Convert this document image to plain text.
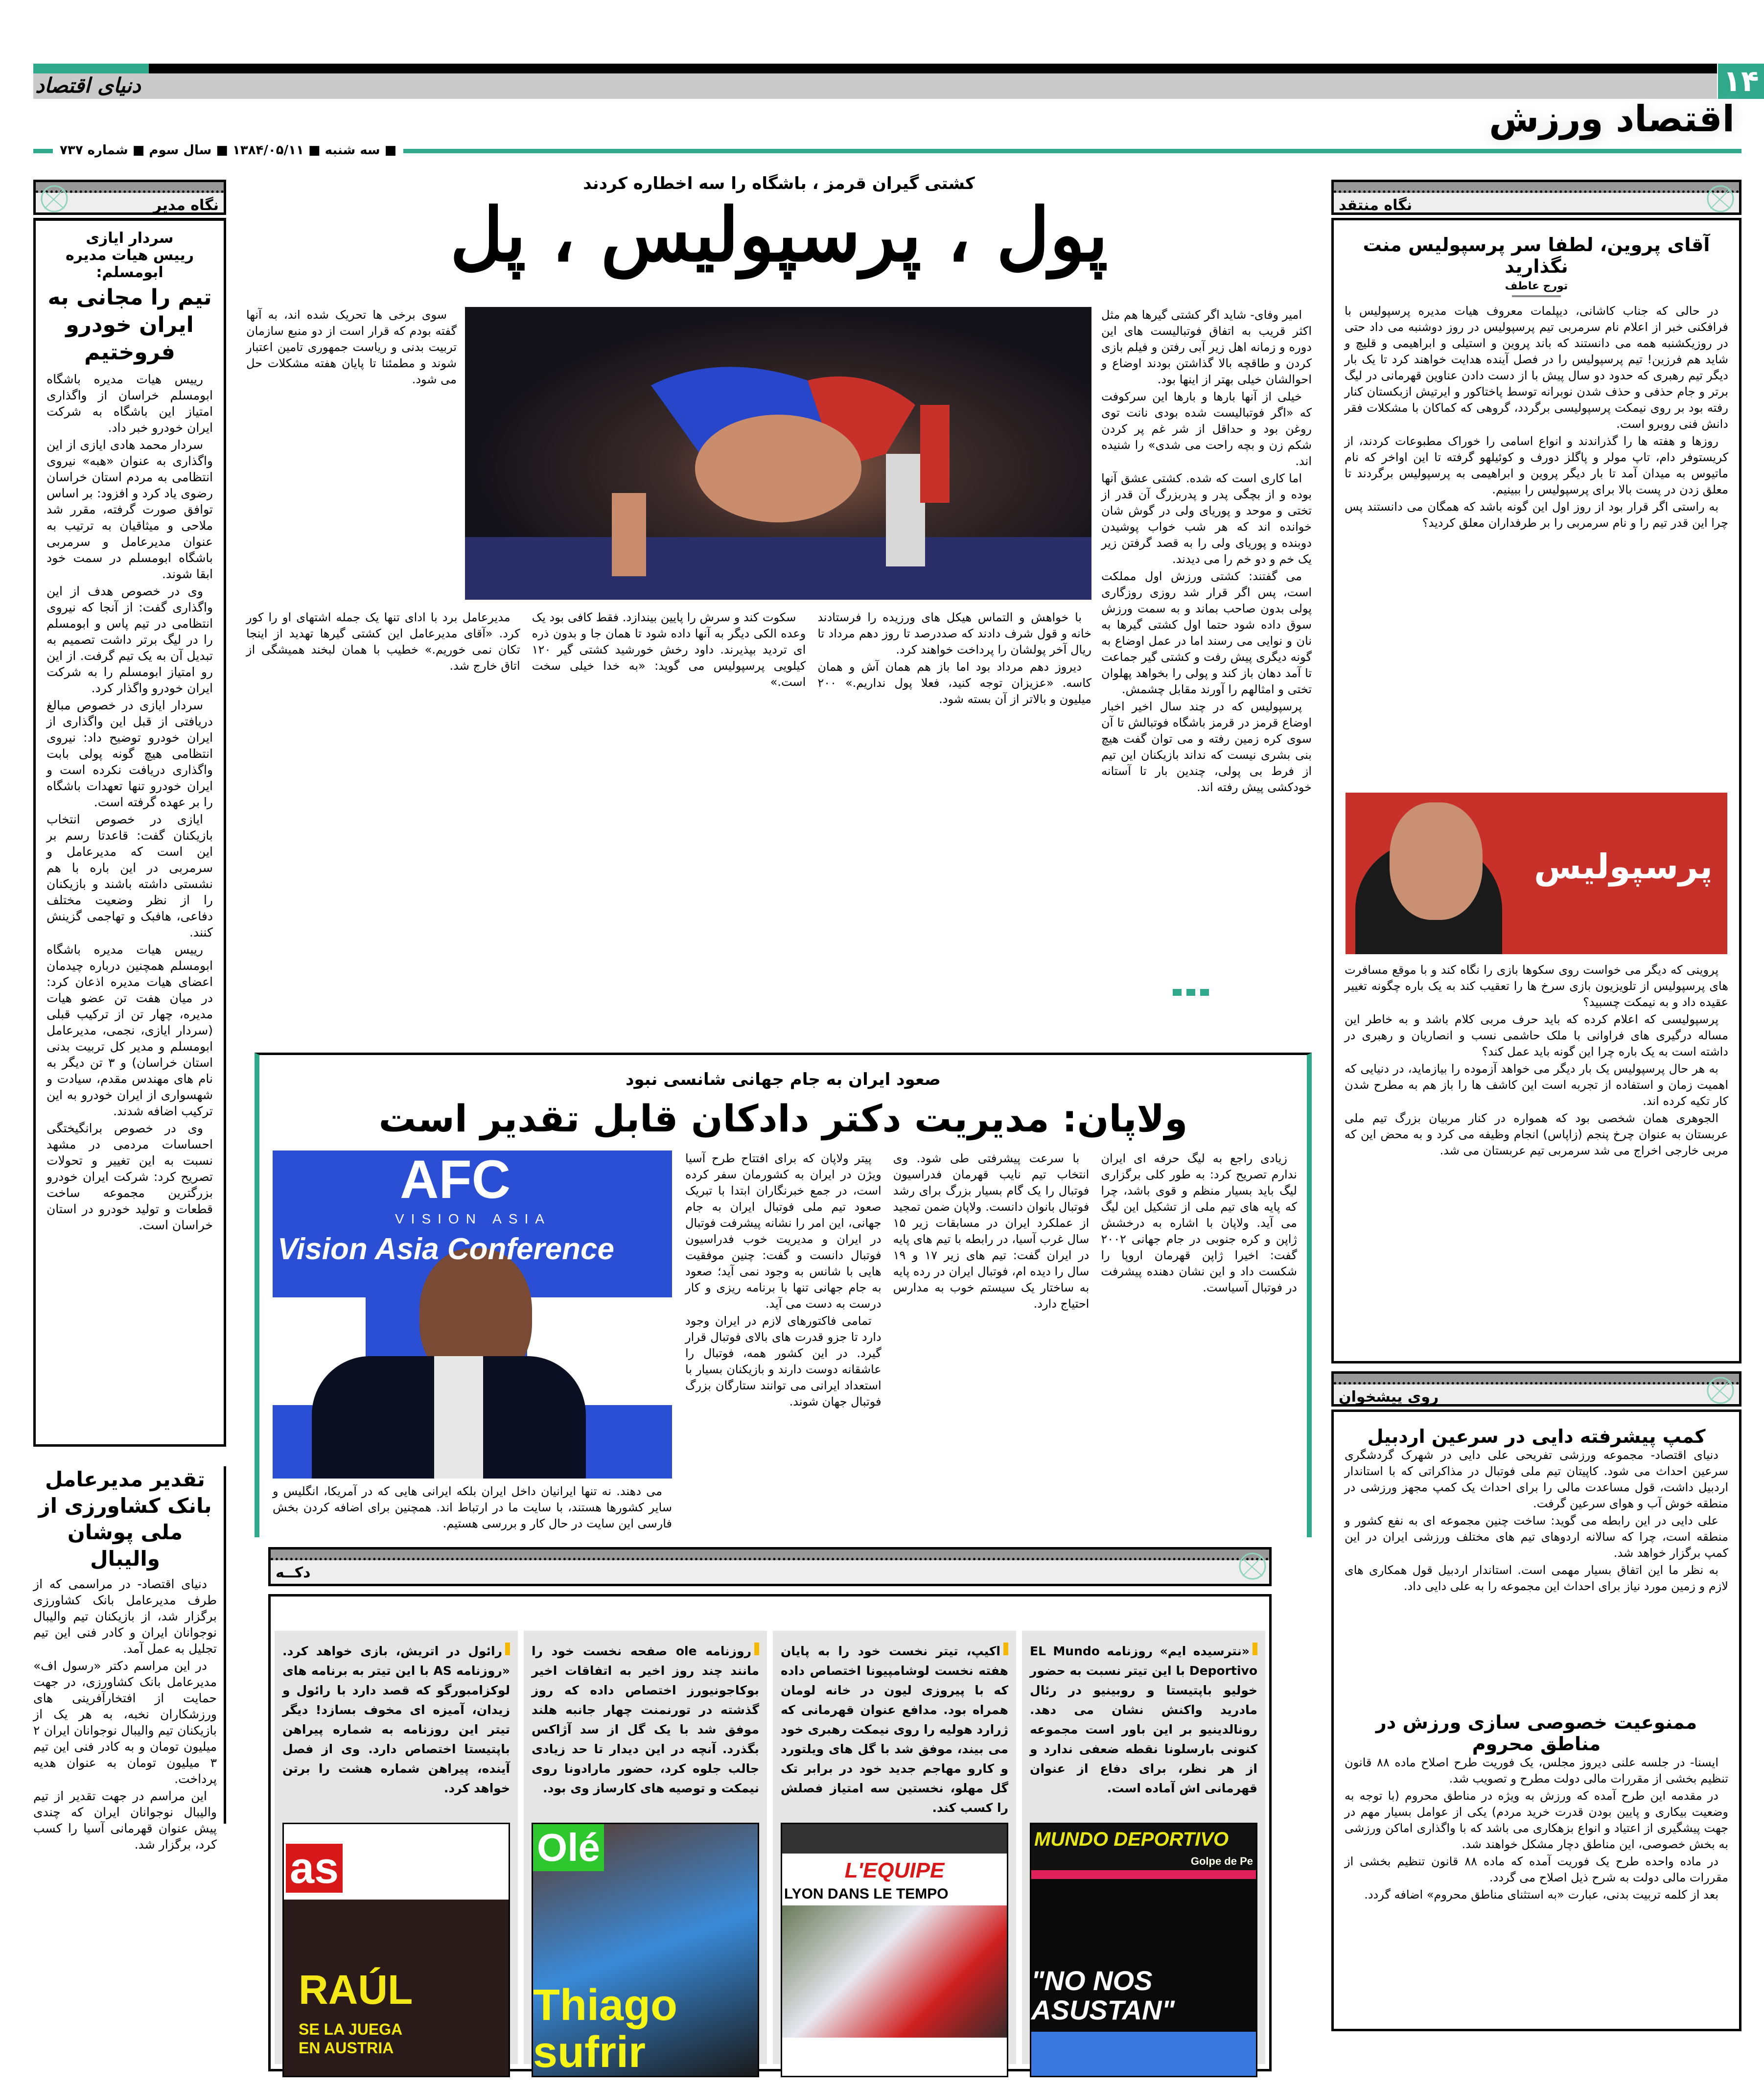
۱۴
دنیای اقتصاد
اقتصاد ورزش
■ سه شنبه ■ ۱۳۸۴/۰۵/۱۱ ■ سال سوم ■ شماره ۷۳۷
نگاه مدیر
سردار ایازی
رییس هیات مدیره ابومسلم:
تیم را مجانی به ایران خودرو فروختیم

رییس هیات مدیره باشگاه ابومسلم خراسان از واگذاری امتیاز این باشگاه به شرکت ایران خودرو خبر داد.

سردار محمد هادی ایازی از این واگذاری به عنوان «هبه» نیروی انتظامی به مردم استان خراسان رضوی یاد کرد و افزود: بر اساس توافق صورت گرفته، مقرر شد ملاحی و میثاقیان به ترتیب به عنوان مدیرعامل و سرمربی باشگاه ابومسلم در سمت خود ابقا شوند.

وی در خصوص هدف از این واگذاری گفت: از آنجا که نیروی انتظامی در تیم پاس و ابومسلم را در لیگ برتر داشت تصمیم به تبدیل آن به یک تیم گرفت. از این رو امتیاز ابومسلم را به شرکت ایران خودرو واگذار کرد.

سردار ایازی در خصوص مبالغ دریافتی از قبل این واگذاری از ایران خودرو توضیح داد: نیروی انتظامی هیچ گونه پولی بابت واگذاری دریافت نکرده است و ایران خودرو تنها تعهدات باشگاه را بر عهده گرفته است.

ایازی در خصوص انتخاب بازیکنان گفت: قاعدتا رسم بر این است که مدیرعامل و سرمربی در این باره با هم نشستی داشته باشند و بازیکنان را از نظر وضعیت مختلف دفاعی، هافبک و تهاجمی گزینش کنند.

رییس هیات مدیره باشگاه ابومسلم همچنین درباره چیدمان اعضای هیات مدیره اذعان کرد: در میان هفت تن عضو هیات مدیره، چهار تن از ترکیب قبلی (سردار ایازی، نجمی، مدیرعامل ابومسلم و مدیر کل تربیت بدنی استان خراسان) و ۳ تن دیگر به نام های مهندس مقدم، سیادت و شهسواری از ایران خودرو به این ترکیب اضافه شدند.

وی در خصوص برانگیختگی احساسات مردمی در مشهد نسبت به این تغییر و تحولات تصریح کرد: شرکت ایران خودرو بزرگترین مجموعه ساخت قطعات و تولید خودرو در استان خراسان است.

تقدیر مدیرعامل بانک کشاورزی از ملی پوشان والیبال

دنیای اقتصاد- در مراسمی که از طرف مدیرعامل بانک کشاورزی برگزار شد، از بازیکنان تیم والیبال نوجوانان ایران و کادر فنی این تیم تجلیل به عمل آمد.

در این مراسم دکتر «رسول اف» مدیرعامل بانک کشاورزی، در جهت حمایت از افتخارآفرینی های ورزشکاران نخبه، به هر یک از بازیکنان تیم والیبال نوجوانان ایران ۲ میلیون تومان و به کادر فنی این تیم ۳ میلیون تومان به عنوان هدیه پرداخت.

این مراسم در جهت تقدیر از تیم والیبال نوجوانان ایران که چندی پیش عنوان قهرمانی آسیا را کسب کرد، برگزار شد.

کشتی گیران قرمز ، باشگاه را سه اخطاره کردند
پول ، پرسپولیس ، پل

امیر وفای- شاید اگر کشتی گیرها هم مثل اکثر قریب به اتفاق فوتبالیست های این دوره و زمانه اهل زیر آبی رفتن و فیلم بازی کردن و طاقچه بالا گذاشتن بودند اوضاع و احوالشان خیلی بهتر از اینها بود.

خیلی از آنها بارها و بارها این سرکوفت که «اگر فوتبالیست شده بودی نانت توی روغن بود و حداقل از شر غم پر کردن شکم زن و بچه راحت می شدی» را شنیده اند.

اما کاری است که شده. کشتی عشق آنها بوده و از بچگی پدر و پدربزرگ آن قدر از تختی و موحد و پوریای ولی در گوش شان خوانده اند که هر شب خواب پوشیدن دوبنده و پوریای ولی را به قصد گرفتن زیر یک خم و دو خم را می دیدند.

می گفتند: کشتی ورزش اول مملکت است، پس اگر قرار شد روزی روزگاری پولی بدون صاحب بماند و به سمت ورزش سوق داده شود حتما اول کشتی گیرها به نان و نوایی می رسند اما در عمل اوضاع به گونه دیگری پیش رفت و کشتی گیر جماعت تا آمد دهان باز کند و پولی را بخواهد پهلوان تختی و امثالهم را آورند مقابل چشمش.

پرسپولیس که در چند سال اخیر اخبار اوضاع قرمز در قرمز باشگاه فوتبالش تا آن سوی کره زمین رفته و می توان گفت هیچ بنی بشری نیست که نداند بازیکنان این تیم از فرط بی پولی، چندین بار تا آستانه خودکشی پیش رفته اند.

سوی برخی ها تحریک شده اند، به آنها گفته بودم که قرار است از دو منبع سازمان تربیت بدنی و ریاست جمهوری تامین اعتبار شوند و مطمئنا تا پایان هفته مشکلات حل می شود.

با خواهش و التماس هیکل های ورزیده را فرستادند خانه و قول شرف دادند که صددرصد تا روز دهم مرداد تا ریال آخر پولشان را پرداخت خواهند کرد.

دیروز دهم مرداد بود اما باز هم همان آش و همان کاسه. «عزیزان توجه کنید، فعلا پول نداریم.» ۲۰۰ میلیون و بالاتر از آن بسته شود.

سکوت کند و سرش را پایین بیندازد. فقط کافی بود یک وعده الکی دیگر به آنها داده شود تا همان جا و بدون ذره ای تردید بپذیرند. داود رخش خورشید کشتی گیر ۱۲۰ کیلویی پرسپولیس می گوید: «به خدا خیلی سخت است.»

مدیرعامل برد با ادای تنها یک جمله اشتهای او را کور کرد. «آقای مدیرعامل این کشتی گیرها تهدید از اینجا تکان نمی خوریم.» خطیب با همان لبخند همیشگی از اتاق خارج شد.

صعود ایران به جام جهانی شانسی نبود
ولاپان: مدیریت دکتر دادکان قابل تقدیر است
AFC
VISION ASIA
Vision Asia Conference

زیادی راجع به لیگ حرفه ای ایران ندارم تصریح کرد: به طور کلی برگزاری لیگ باید بسیار منظم و قوی باشد، چرا که پایه های تیم ملی از تشکیل این لیگ می آید. ولاپان با اشاره به درخشش ژاپن و کره جنوبی در جام جهانی ۲۰۰۲ گفت: اخیرا ژاپن قهرمان اروپا را شکست داد و این نشان دهنده پیشرفت در فوتبال آسیاست.

با سرعت پیشرفتی طی شود. وی انتخاب تیم نایب قهرمان فدراسیون فوتبال را یک گام بسیار بزرگ برای رشد فوتبال بانوان دانست. ولاپان ضمن تمجید از عملکرد ایران در مسابقات زیر ۱۵ سال غرب آسیا، در رابطه با تیم های پایه در ایران گفت: تیم های زیر ۱۷ و ۱۹ سال را دیده ام، فوتبال ایران در رده پایه به ساختار یک سیستم خوب به مدارس احتیاج دارد.

پیتر ولاپان که برای افتتاح طرح آسیا ویژن در ایران به کشورمان سفر کرده است، در جمع خبرنگاران ابتدا با تبریک صعود تیم ملی فوتبال ایران به جام جهانی، این امر را نشانه پیشرفت فوتبال در ایران و مدیریت خوب فدراسیون فوتبال دانست و گفت: چنین موفقیت هایی با شانس به وجود نمی آید؛ صعود به جام جهانی تنها با برنامه ریزی و کار درست به دست می آید.

تمامی فاکتورهای لازم در ایران وجود دارد تا جزو قدرت های بالای فوتبال قرار گیرد. در این کشور همه، فوتبال را عاشقانه دوست دارند و بازیکنان بسیار با استعداد ایرانی می توانند ستارگان بزرگ فوتبال جهان شوند.

می دهند. نه تنها ایرانیان داخل ایران بلکه ایرانی هایی که در آمریکا، انگلیس و سایر کشورها هستند، با سایت ما در ارتباط اند. همچنین برای اضافه کردن بخش فارسی این سایت در حال کار و بررسی هستیم.

دکــه
«نترسیده ایم» روزنامه EL Mundo Deportivo با این تیتر نسبت به حضور خولیو باپتیستا و روبینیو در رئال مادرید واکنش نشان می دهد. رونالدینیو بر این باور است مجموعه کنونی بارسلونا نقطه ضعفی ندارد و از هر نظر، برای دفاع از عنوان قهرمانی اش آماده است.
MUNDO DEPORTIVO
Golpe de Pe
"NO NOS ASUSTAN"
اکیپ، تیتر نخست خود را به پایان هفته نخست لوشامپیونا اختصاص داده که با پیروزی لیون در خانه لومان همراه بود. مدافع عنوان قهرمانی که ژرارد هولیه را روی نیمکت رهبری خود می بیند، موفق شد با گل های ویلتورد و کارو مهاجم جدید خود در برابر تک گل مهلو، نخستین سه امتیاز فصلش را کسب کند.
L'EQUIPE
LYON DANS LE TEMPO
روزنامه ole صفحه نخست خود را مانند چند روز اخیر به اتفاقات اخیر بوکاجونیورز اختصاص داده که روز گذشته در تورنمنت چهار جانبه هلند موفق شد با یک گل از سد آژاکس بگذرد. آنچه در این دیدار تا حد زیادی جالب جلوه کرد، حضور مارادونا روی نیمکت و توصیه های کارساز وی بود.
Olé
Thiago sufrir
رائول در اتریش، بازی خواهد کرد. «روزنامه AS با این تیتر به برنامه های لوکزامبورگو که قصد دارد با رائول و زیدان، آمیزه ای مخوف بسازد! دیگر تیتر این روزنامه به شماره پیراهن باپتیستا اختصاص دارد. وی از فصل آینده، پیراهن شماره هشت را برتن خواهد کرد.
as
RAÚL
SE LA JUEGA EN AUSTRIA
نگاه منتقد
آقای پروین، لطفا سر پرسپولیس منت نگذارید
تورج عاطف

در حالی که جناب کاشانی، دیپلمات معروف هیات مدیره پرسپولیس با فرافکنی خبر از اعلام نام سرمربی تیم پرسپولیس در روز دوشنبه می داد حتی در روزیکشنبه همه می دانستند که باند پروین و استیلی و ابراهیمی و قلیچ و شاید هم فرزین! تیم پرسپولیس را در فصل آینده هدایت خواهند کرد تا یک بار دیگر تیم رهبری که حدود دو سال پیش با از دست دادن عناوین قهرمانی در لیگ برتر و جام حذفی و حذف شدن نوبرانه توسط پاختاکور و ایرتیش ازبکستان کنار رفته بود بر روی نیمکت پرسپولیسی برگردد، گروهی که کماکان با مشکلات فقر دانش فنی روبرو است.

روزها و هفته ها را گذراندند و انواع اسامی را خوراک مطبوعات کردند، از کریستوفر دام، تاپ مولر و پاگلز دورف و کوئیلهو گرفته تا این اواخر که نام ماتیوس به میدان آمد تا بار دیگر پروین و ابراهیمی به پرسپولیس برگردند تا معلق زدن در پست بالا برای پرسپولیس را ببینیم.

به راستی اگر قرار بود از روز اول این گونه باشد که همگان می دانستند پس چرا این قدر تیم را و نام سرمربی را بر طرفداران معلق کردید؟

پرسپولیس

پروینی که دیگر می خواست روی سکوها بازی را نگاه کند و با موقع مسافرت های پرسپولیس از تلویزیون بازی سرخ ها را تعقیب کند به یک باره چگونه تغییر عقیده داد و به نیمکت چسبید؟

پرسپولیسی که اعلام کرده که باید حرف مربی کلام باشد و به خاطر این مساله درگیری های فراوانی با ملک حاشمی نسب و انصاریان و رهبری در داشته است به یک باره چرا این گونه باید عمل کند؟

به هر حال پرسپولیس یک بار دیگر می خواهد آزموده را بیازماید، در دنیایی که اهمیت زمان و استفاده از تجربه است این کاشف ها را باز هم به مطرح شدن کار تکیه کرده اند.

الجوهری همان شخصی بود که همواره در کنار مربیان بزرگ تیم ملی عربستان به عنوان چرخ پنجم (زاپاس) انجام وظیفه می کرد و به محض این که مربی خارجی اخراج می شد سرمربی تیم عربستان می شد.

روی پیشخوان
کمپ پیشرفته دایی در سرعین اردبیل

دنیای اقتصاد- مجموعه ورزشی تفریحی علی دایی در شهرک گردشگری سرعین احداث می شود. کاپیتان تیم ملی فوتبال در مذاکراتی که با استاندار اردبیل داشت، قول مساعدت مالی را برای احداث یک کمپ مجهز ورزشی در منطقه خوش آب و هوای سرعین گرفت.

علی دایی در این رابطه می گوید: ساخت چنین مجموعه ای به نفع کشور و منطقه است، چرا که سالانه اردوهای تیم های مختلف ورزشی ایران در این کمپ برگزار خواهد شد.

به نظر ما این اتفاق بسیار مهمی است. استاندار اردبیل قول همکاری های لازم و زمین مورد نیاز برای احداث این مجموعه را به علی دایی داد.

ممنوعیت خصوصی سازی ورزش در مناطق محروم

ایسنا- در جلسه علنی دیروز مجلس، یک فوریت طرح اصلاح ماده ۸۸ قانون تنظیم بخشی از مقررات مالی دولت مطرح و تصویب شد.

در مقدمه این طرح آمده که ورزش به ویژه در مناطق محروم (با توجه به وضعیت بیکاری و پایین بودن قدرت خرید مردم) یکی از عوامل بسیار مهم در جهت پیشگیری از اعتیاد و انواع بزهکاری می باشد که با واگذاری اماکن ورزشی به بخش خصوصی، این مناطق دچار مشکل خواهند شد.

در ماده واحده طرح یک فوریت آمده که ماده ۸۸ قانون تنظیم بخشی از مقررات مالی دولت به شرح ذیل اصلاح می گردد.

بعد از کلمه تربیت بدنی، عبارت «به استثنای مناطق محروم» اضافه گردد.
